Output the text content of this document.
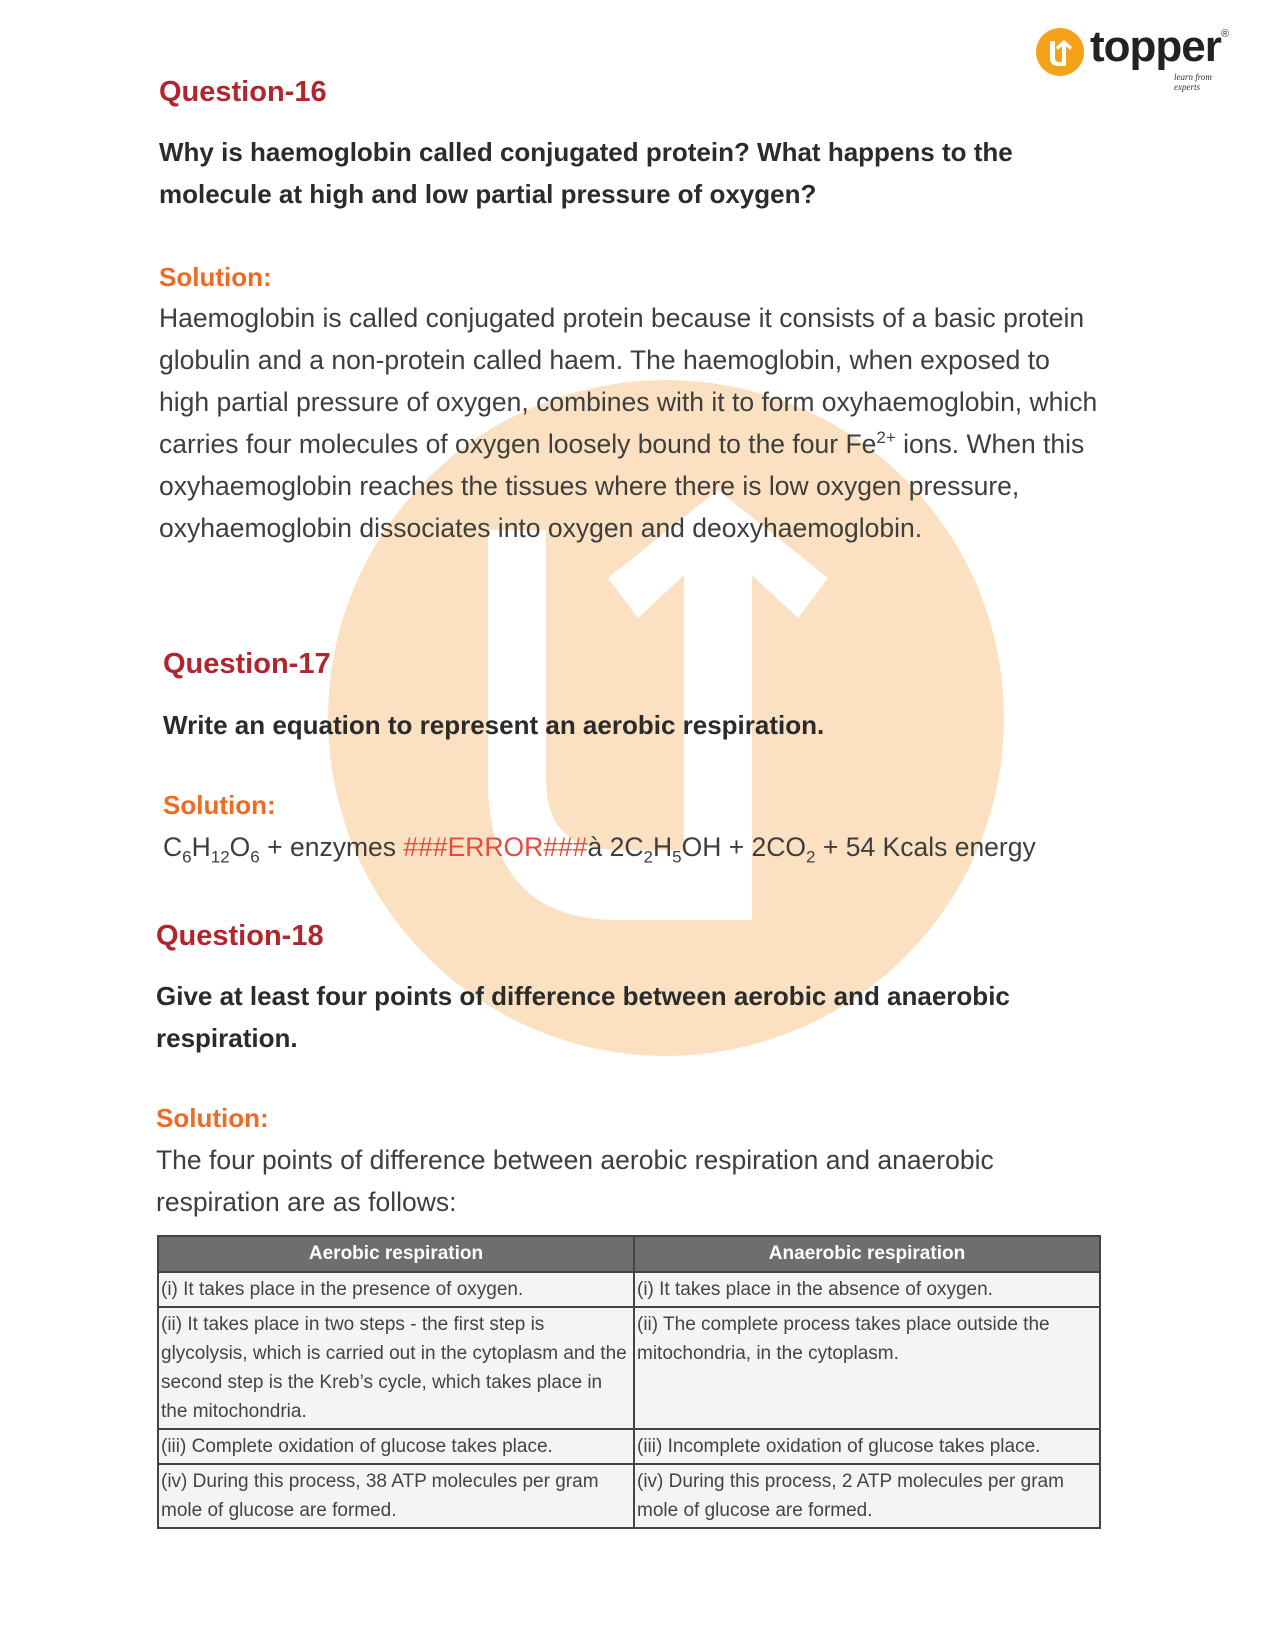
topper
learn from experts
®
Question-16
Why is haemoglobin called conjugated protein? What happens to the molecule at high and low partial pressure of oxygen?
Solution:
Haemoglobin is called conjugated protein because it consists of a basic protein globulin and a non-protein called haem. The haemoglobin, when exposed to high partial pressure of oxygen, combines with it to form oxyhaemoglobin, which carries four molecules of oxygen loosely bound to the four $Fe^{2+}$ ions. When this oxyhaemoglobin reaches the tissues where there is low oxygen pressure, oxyhaemoglobin dissociates into oxygen and deoxyhaemoglobin.
Question-17
Write an equation to represent an aerobic respiration.
Solution:
$C_6H_{12}O_6$ + enzymes ###ERROR###à $2C_2H_5OH + 2CO_2 + 54$ Kcals energy
Question-18
Give at least four points of difference between aerobic and anaerobic respiration.
Solution:
The four points of difference between aerobic respiration and anaerobic respiration are as follows:
Aerobic respiration	Anaerobic respiration
(i) It takes place in the presence of oxygen.	(i) It takes place in the absence of oxygen.
(ii) It takes place in two steps - the first step is glycolysis, which is carried out in the cytoplasm and the second step is the Kreb’s cycle, which takes place in the mitochondria.	(ii) The complete process takes place outside the mitochondria, in the cytoplasm.
(iii) Complete oxidation of glucose takes place.	(iii) Incomplete oxidation of glucose takes place.
(iv) During this process, 38 ATP molecules per gram mole of glucose are formed.	(iv) During this process, 2 ATP molecules per gram mole of glucose are formed.
